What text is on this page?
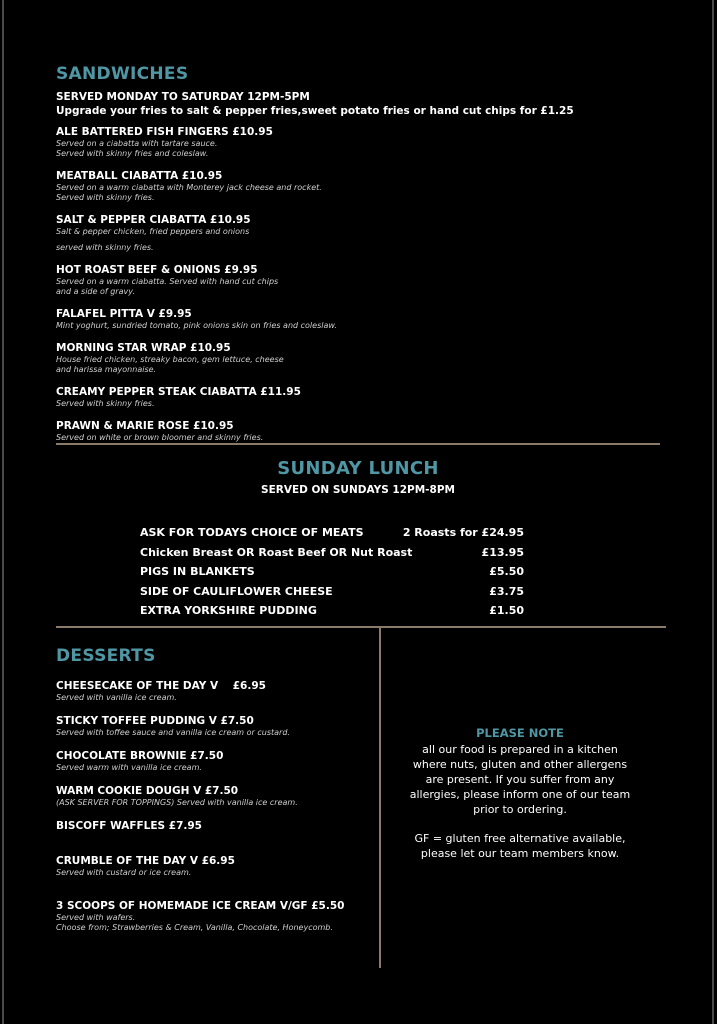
SANDWICHES
SERVED MONDAY TO SATURDAY 12PM-5PM
Upgrade your fries to salt & pepper fries,sweet potato fries or hand cut chips for £1.25
ALE BATTERED FISH FINGERS £10.95
Served on a ciabatta with tartare sauce.
Served with skinny fries and coleslaw.
MEATBALL CIABATTA £10.95
Served on a warm ciabatta with Monterey jack cheese and rocket.
Served with skinny fries.
SALT & PEPPER CIABATTA £10.95
Salt & pepper chicken, fried peppers and onions
served with skinny fries.
HOT ROAST BEEF & ONIONS £9.95
Served on a warm ciabatta. Served with hand cut chips
and a side of gravy.
FALAFEL PITTA V £9.95
Mint yoghurt, sundried tomato, pink onions skin on fries and coleslaw.
MORNING STAR WRAP £10.95
House fried chicken, streaky bacon, gem lettuce, cheese
and harissa mayonnaise.
CREAMY PEPPER STEAK CIABATTA £11.95
Served with skinny fries.
PRAWN & MARIE ROSE £10.95
Served on white or brown bloomer and skinny fries.
SUNDAY LUNCH
SERVED ON SUNDAYS 12PM-8PM
ASK FOR TODAYS CHOICE OF MEATS	2 Roasts for £24.95
Chicken Breast OR Roast Beef OR Nut Roast	£13.95
PIGS IN BLANKETS	£5.50
SIDE OF CAULIFLOWER CHEESE	£3.75
EXTRA YORKSHIRE PUDDING	£1.50
DESSERTS
CHEESECAKE OF THE DAY V    £6.95
Served with vanilla ice cream.
STICKY TOFFEE PUDDING V £7.50
Served with toffee sauce and vanilla ice cream or custard.
CHOCOLATE BROWNIE £7.50
Served warm with vanilla ice cream.
WARM COOKIE DOUGH V £7.50
(ASK SERVER FOR TOPPINGS) Served with vanilla ice cream.
BISCOFF WAFFLES £7.95
CRUMBLE OF THE DAY V £6.95
Served with custard or ice cream.
3 SCOOPS OF HOMEMADE ICE CREAM V/GF £5.50
Served with wafers.
Choose from; Strawberries & Cream, Vanilla, Chocolate, Honeycomb.
PLEASE NOTE
all our food is prepared in a kitchen
where nuts, gluten and other allergens
are present. If you suffer from any
allergies, please inform one of our team
prior to ordering.
GF = gluten free alternative available,
please let our team members know.
